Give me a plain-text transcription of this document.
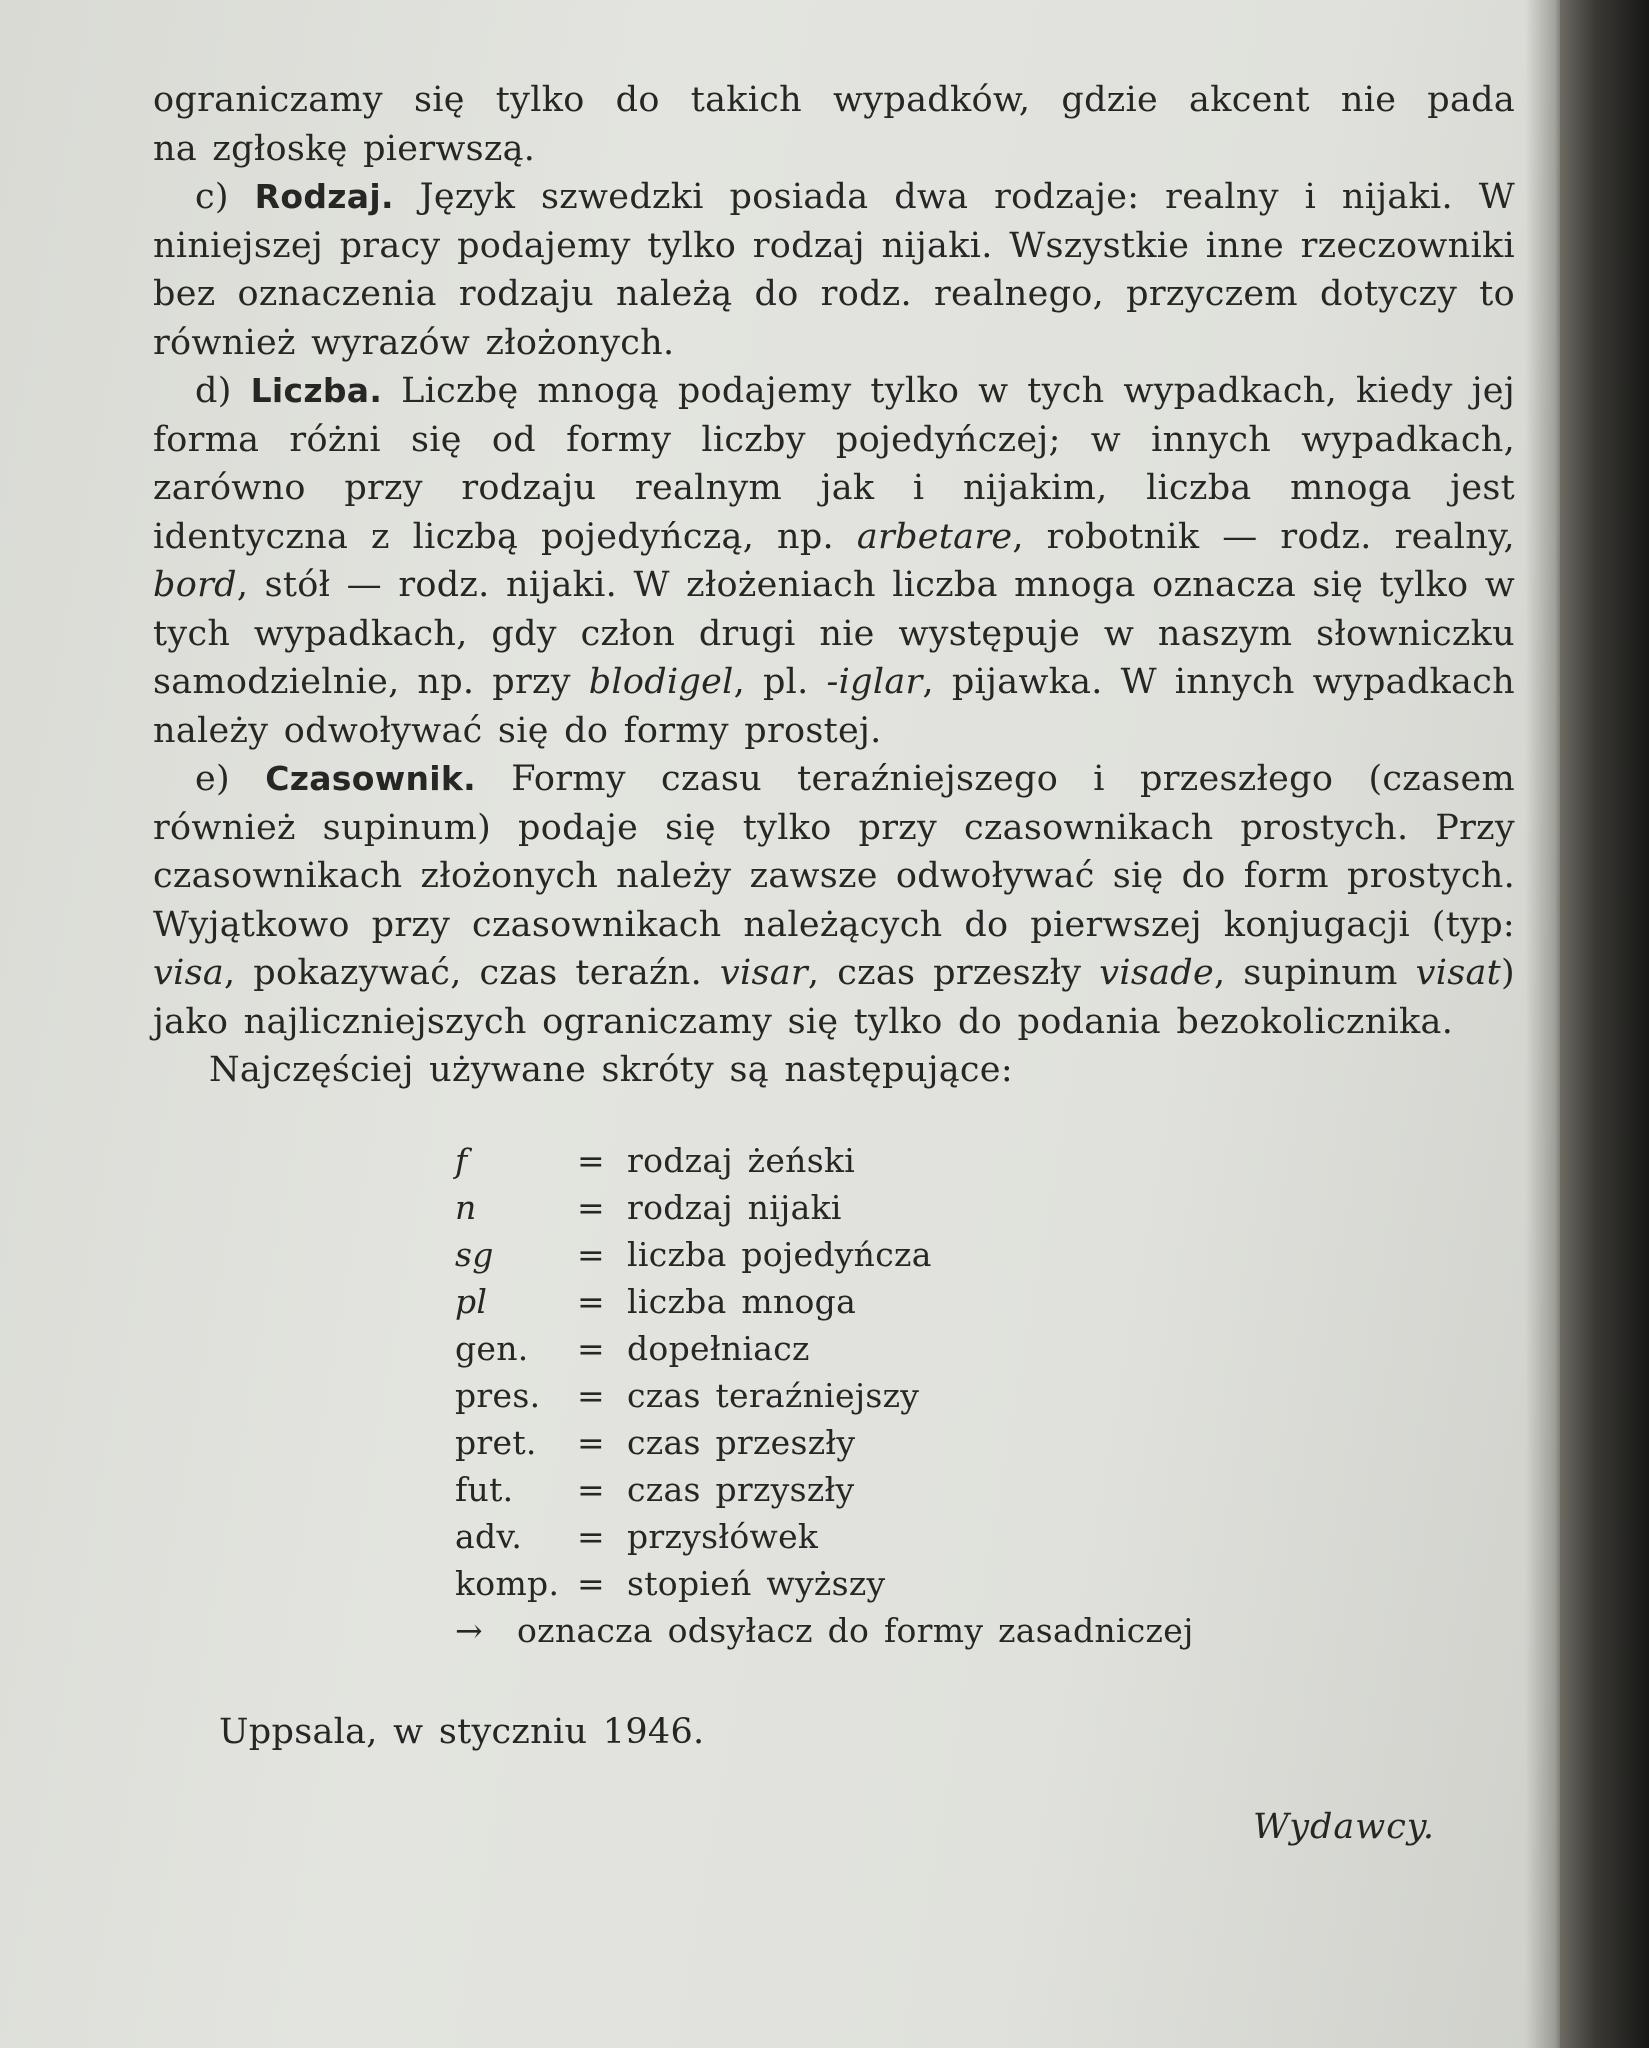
ograniczamy się tylko do takich wypadków, gdzie akcent nie pada

na zgłoskę pierwszą.

c) Rodzaj. Język szwedzki posiada dwa rodzaje: realny i nijaki. W niniejszej pracy podajemy tylko rodzaj nijaki. Wszystkie inne rzeczowniki bez oznaczenia rodzaju należą do rodz. realnego, przyczem dotyczy to również wyrazów złożonych.

d) Liczba. Liczbę mnogą podajemy tylko w tych wypadkach, kiedy jej forma różni się od formy liczby pojedyńczej; w innych wypadkach, zarówno przy rodzaju realnym jak i nijakim, liczba mnoga jest identyczna z liczbą pojedyńczą, np. arbetare, robotnik — rodz. realny, bord, stół — rodz. nijaki. W złożeniach liczba mnoga oznacza się tylko w tych wypadkach, gdy człon drugi nie występuje w naszym słowniczku samodzielnie, np. przy blodigel, pl. -iglar, pijawka. W innych wypadkach należy odwoływać się do formy prostej.

e) Czasownik. Formy czasu teraźniejszego i przeszłego (czasem również supinum) podaje się tylko przy czasownikach prostych. Przy czasownikach złożonych należy zawsze odwoływać się do form prostych. Wyjątkowo przy czasownikach należących do pierwszej konjugacji (typ: visa, pokazywać, czas teraźn. visar, czas przeszły visade, supinum visat) jako najliczniejszych ograniczamy się tylko do podania bezokolicznika.

Najczęściej używane skróty są następujące:

f	= rodzaj żeński
n	= rodzaj nijaki
sg	= liczba pojedyńcza
pl	= liczba mnoga
gen.	= dopełniacz
pres.	= czas teraźniejszy
pret.	= czas przeszły
fut.	= czas przyszły
adv.	= przysłówek
komp. = stopień wyższy
→	oznacza odsyłacz do formy zasadniczej

Uppsala, w styczniu 1946.

Wydawcy.
